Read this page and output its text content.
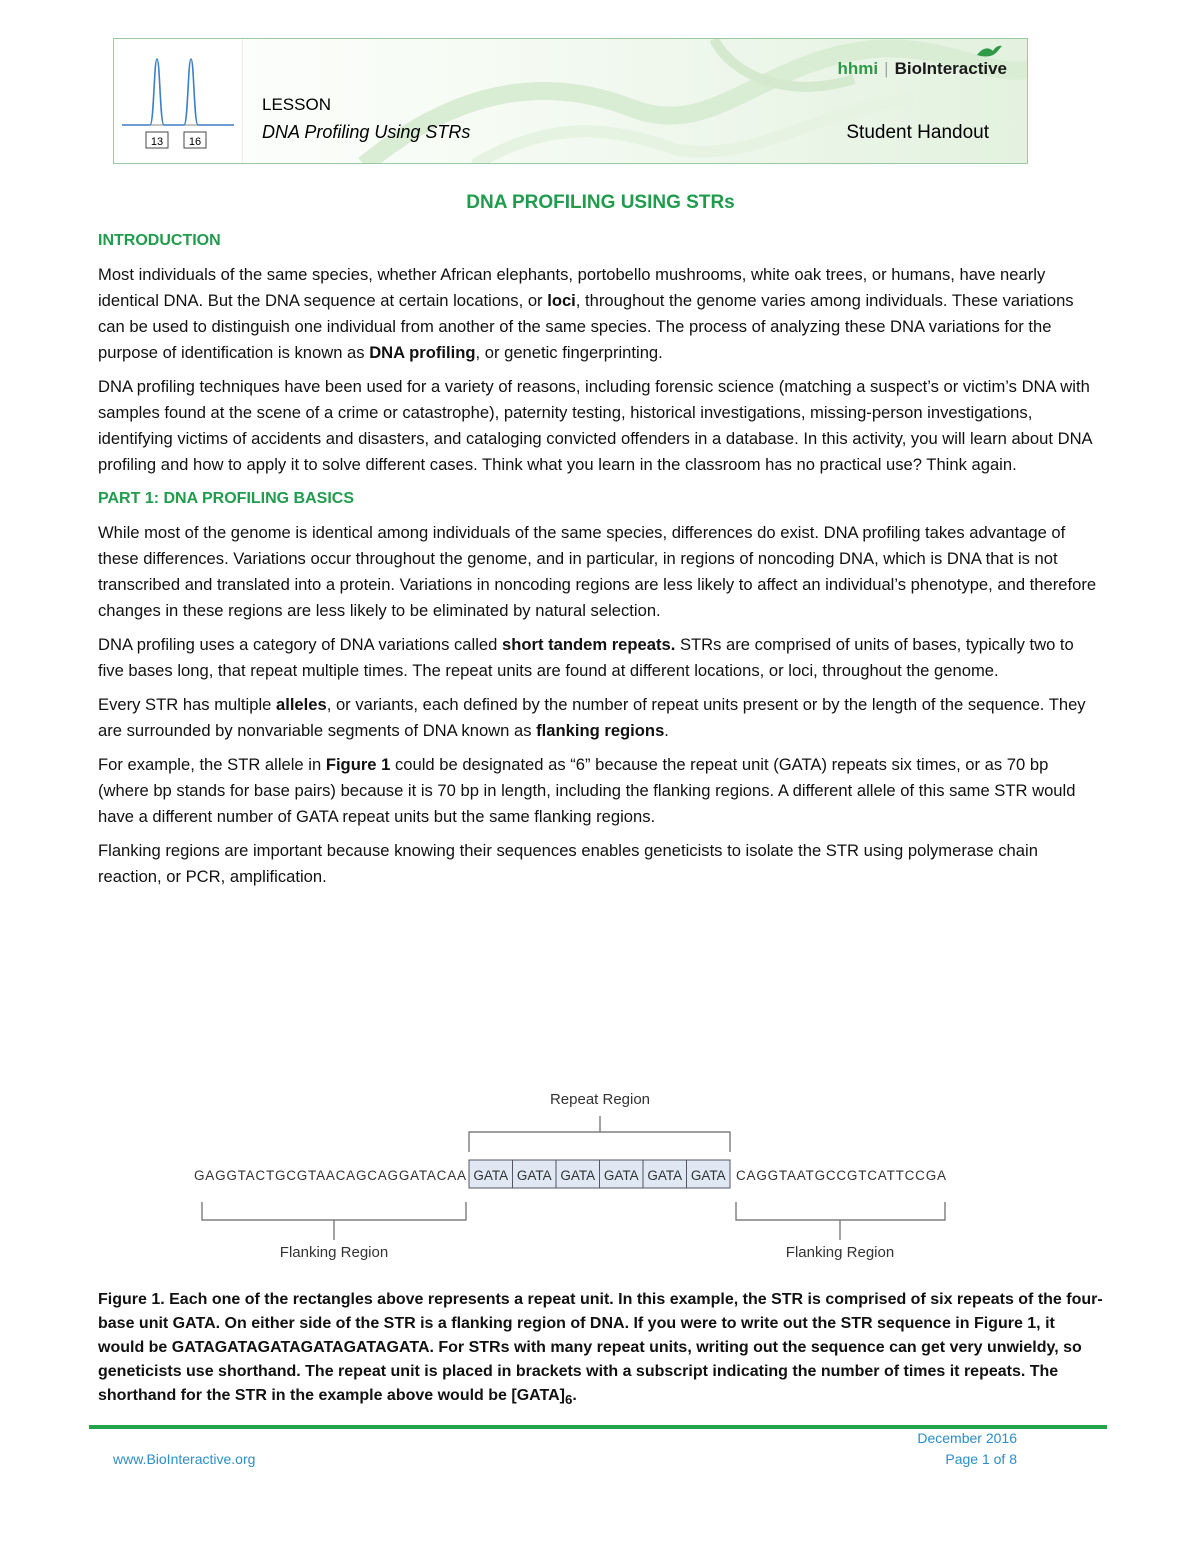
13 16
LESSON
DNA Profiling Using STRs	Student Handout
hhmi | BioInteractive
DNA PROFILING USING STRs
INTRODUCTION

Most individuals of the same species, whether African elephants, portobello mushrooms, white oak trees, or humans, have nearly identical DNA. But the DNA sequence at certain locations, or loci, throughout the genome varies among individuals. These variations can be used to distinguish one individual from another of the same species. The process of analyzing these DNA variations for the purpose of identification is known as DNA profiling, or genetic fingerprinting.

DNA profiling techniques have been used for a variety of reasons, including forensic science (matching a suspect’s or victim’s DNA with samples found at the scene of a crime or catastrophe), paternity testing, historical investigations, missing-person investigations, identifying victims of accidents and disasters, and cataloging convicted offenders in a database. In this activity, you will learn about DNA profiling and how to apply it to solve different cases. Think what you learn in the classroom has no practical use? Think again.

PART 1: DNA PROFILING BASICS

While most of the genome is identical among individuals of the same species, differences do exist. DNA profiling takes advantage of these differences. Variations occur throughout the genome, and in particular, in regions of noncoding DNA, which is DNA that is not transcribed and translated into a protein. Variations in noncoding regions are less likely to affect an individual’s phenotype, and therefore changes in these regions are less likely to be eliminated by natural selection.

DNA profiling uses a category of DNA variations called short tandem repeats. STRs are comprised of units of bases, typically two to five bases long, that repeat multiple times. The repeat units are found at different locations, or loci, throughout the genome.

Every STR has multiple alleles, or variants, each defined by the number of repeat units present or by the length of the sequence. They are surrounded by nonvariable segments of DNA known as flanking regions.

For example, the STR allele in Figure 1 could be designated as “6” because the repeat unit (GATA) repeats six times, or as 70 bp (where bp stands for base pairs) because it is 70 bp in length, including the flanking regions. A different allele of this same STR would have a different number of GATA repeat units but the same flanking regions.

Flanking regions are important because knowing their sequences enables geneticists to isolate the STR using polymerase chain reaction, or PCR, amplification.

Repeat Region
GAGGTACTGCGTAACAGCAGGATACAA GATA GATA GATA GATA GATA GATA CAGGTAATGCCGTCATTCCGA
Flanking Region	Flanking Region
Figure 1. Each one of the rectangles above represents a repeat unit. In this example, the STR is comprised of six repeats of the four-base unit GATA. On either side of the STR is a flanking region of DNA. If you were to write out the STR sequence in Figure 1, it would be GATAGATAGATAGATAGATAGATA. For STRs with many repeat units, writing out the sequence can get very unwieldy, so geneticists use shorthand. The repeat unit is placed in brackets with a subscript indicating the number of times it repeats. The shorthand for the STR in the example above would be $[GATA]_6$.
December 2016
www.BioInteractive.org	Page 1 of 8
